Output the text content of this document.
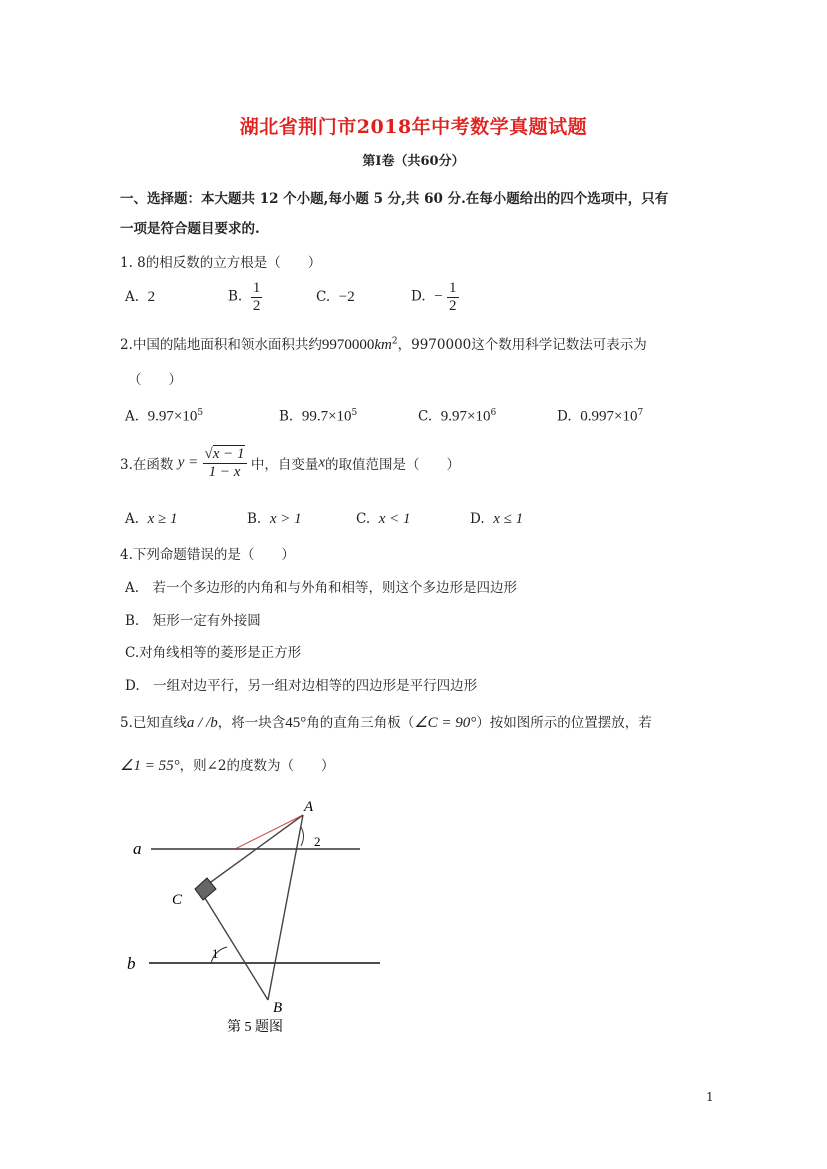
湖北省荆门市2018年中考数学真题试题
第Ⅰ卷（共60分）
一、选择题：本大题共 12 个小题,每小题 5 分,共 60 分.在每小题给出的四个选项中，只有
一项是符合题目要求的.
1. 8的相反数的立方根是（　　）
A. 2	B. $\frac{1}{2}$	C. −2	D. − $\frac{1}{2}$
2.中国的陆地面积和领水面积共约$9970000km^2$，9970000这个数用科学记数法可表示为
（　　）
A. $9.97\times 10^5$	B. $99.7\times 10^5$	C. $9.97\times 10^6$	D. $0.997\times 10^7$
3.在函数 $y = \frac{√x - 1}{1 - x}$ 中，自变量x的取值范围是（　　）
A. x ≥ 1	B. x > 1	C. x < 1	D. x ≤ 1
4.下列命题错误的是（　　）
A.　若一个多边形的内角和与外角和相等，则这个多边形是四边形
B.　矩形一定有外接圆
C.对角线相等的菱形是正方形
D.　一组对边平行，另一组对边相等的四边形是平行四边形
5.已知直线a / /b，将一块含45°角的直角三角板（∠C = 90°）按如图所示的位置摆放，若
∠1 = 55°，则∠2的度数为（　　）
a
b
A
B
C
1
2
第 5 题图
1
